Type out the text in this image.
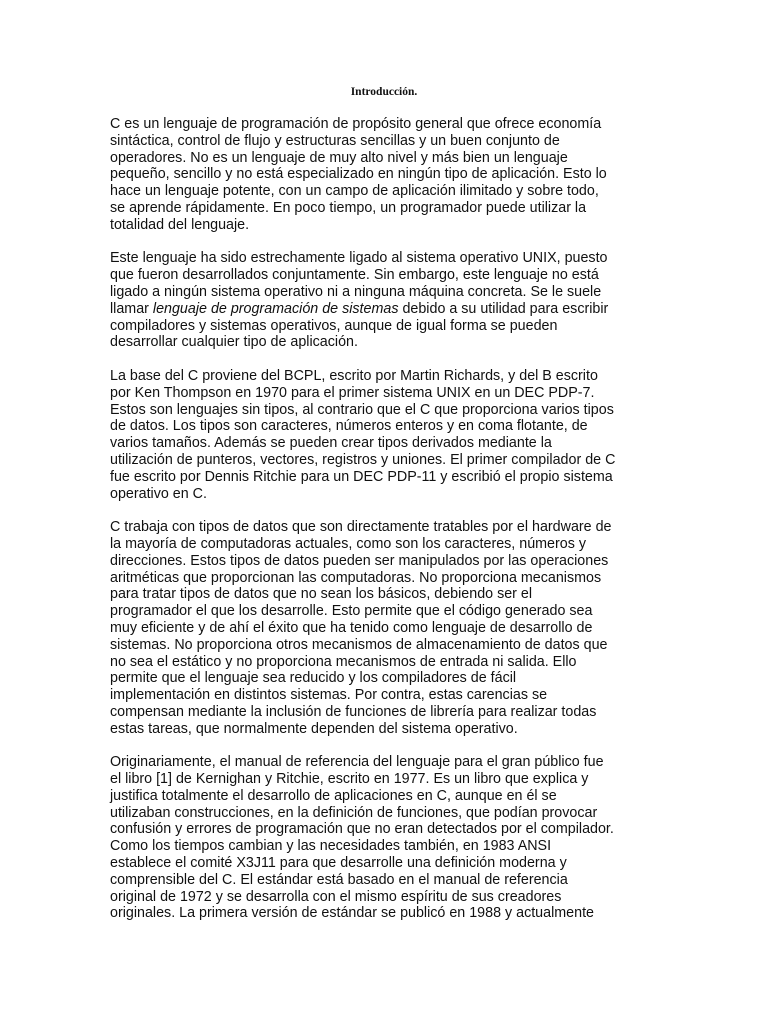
Introducción.

C es un lenguaje de programación de propósito general que ofrece economía
sintáctica, control de flujo y estructuras sencillas y un buen conjunto de
operadores. No es un lenguaje de muy alto nivel y más bien un lenguaje
pequeño, sencillo y no está especializado en ningún tipo de aplicación. Esto lo
hace un lenguaje potente, con un campo de aplicación ilimitado y sobre todo,
se aprende rápidamente. En poco tiempo, un programador puede utilizar la
totalidad del lenguaje.

Este lenguaje ha sido estrechamente ligado al sistema operativo UNIX, puesto
que fueron desarrollados conjuntamente. Sin embargo, este lenguaje no está
ligado a ningún sistema operativo ni a ninguna máquina concreta. Se le suele
llamar lenguaje de programación de sistemas debido a su utilidad para escribir
compiladores y sistemas operativos, aunque de igual forma se pueden
desarrollar cualquier tipo de aplicación.

La base del C proviene del BCPL, escrito por Martin Richards, y del B escrito
por Ken Thompson en 1970 para el primer sistema UNIX en un DEC PDP-7.
Estos son lenguajes sin tipos, al contrario que el C que proporciona varios tipos
de datos. Los tipos son caracteres, números enteros y en coma flotante, de
varios tamaños. Además se pueden crear tipos derivados mediante la
utilización de punteros, vectores, registros y uniones. El primer compilador de C
fue escrito por Dennis Ritchie para un DEC PDP-11 y escribió el propio sistema
operativo en C.

C trabaja con tipos de datos que son directamente tratables por el hardware de
la mayoría de computadoras actuales, como son los caracteres, números y
direcciones. Estos tipos de datos pueden ser manipulados por las operaciones
aritméticas que proporcionan las computadoras. No proporciona mecanismos
para tratar tipos de datos que no sean los básicos, debiendo ser el
programador el que los desarrolle. Esto permite que el código generado sea
muy eficiente y de ahí el éxito que ha tenido como lenguaje de desarrollo de
sistemas. No proporciona otros mecanismos de almacenamiento de datos que
no sea el estático y no proporciona mecanismos de entrada ni salida. Ello
permite que el lenguaje sea reducido y los compiladores de fácil
implementación en distintos sistemas. Por contra, estas carencias se
compensan mediante la inclusión de funciones de librería para realizar todas
estas tareas, que normalmente dependen del sistema operativo.

Originariamente, el manual de referencia del lenguaje para el gran público fue
el libro [1] de Kernighan y Ritchie, escrito en 1977. Es un libro que explica y
justifica totalmente el desarrollo de aplicaciones en C, aunque en él se
utilizaban construcciones, en la definición de funciones, que podían provocar
confusión y errores de programación que no eran detectados por el compilador.
Como los tiempos cambian y las necesidades también, en 1983 ANSI
establece el comité X3J11 para que desarrolle una definición moderna y
comprensible del C. El estándar está basado en el manual de referencia
original de 1972 y se desarrolla con el mismo espíritu de sus creadores
originales. La primera versión de estándar se publicó en 1988 y actualmente
